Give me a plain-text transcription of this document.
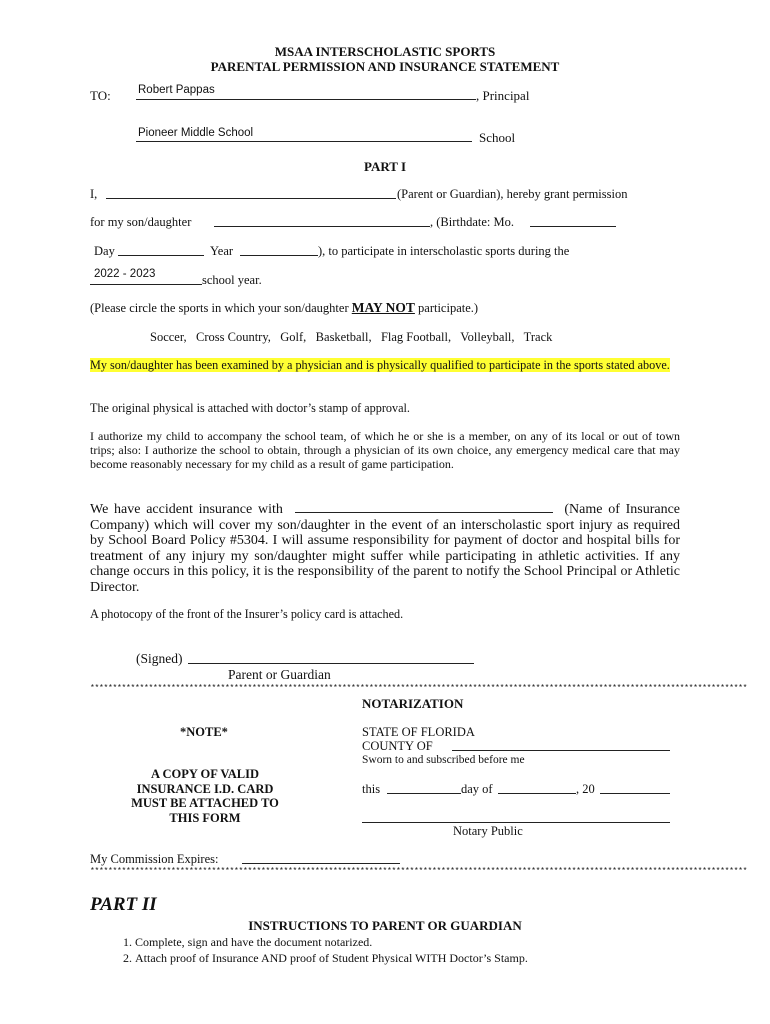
MSAA INTERSCHOLASTIC SPORTS
PARENTAL PERMISSION AND INSURANCE STATEMENT
TO: Robert Pappas	, Principal
Pioneer Middle School	School
PART I
I,	(Parent or Guardian), hereby grant permission
for my son/daughter	, (Birthdate: Mo.
Day	Year	), to participate in interscholastic sports during the
2022 - 2023	school year.
(Please circle the sports in which your son/daughter MAY NOT participate.)
Soccer,   Cross Country,   Golf,   Basketball,   Flag Football,   Volleyball,   Track
My son/daughter has been examined by a physician and is physically qualified to participate in the sports stated above.
The original physical is attached with doctor’s stamp of approval.
I authorize my child to accompany the school team, of which he or she is a member, on any of its local or out of town trips; also: I authorize the school to obtain, through a physician of its own choice, any emergency medical care that may become reasonably necessary for my child as a result of game participation.
We have accident insurance with	(Name of Insurance Company) which will cover my son/daughter in the event of an interscholastic sport injury as required by School Board Policy #5304. I will assume responsibility for payment of doctor and hospital bills for treatment of any injury my son/daughter might suffer while participating in athletic activities. If any change occurs in this policy, it is the responsibility of the parent to notify the School Principal or Athletic Director.
A photocopy of the front of the Insurer’s policy card is attached.
(Signed)
Parent or Guardian
**************************************************************************************************************************************************
NOTARIZATION
*NOTE*
A COPY OF VALID
INSURANCE I.D. CARD
MUST BE ATTACHED TO
THIS FORM
STATE OF FLORIDA
COUNTY OF
Sworn to and subscribed before me
this	day of	, 20
Notary Public
My Commission Expires:
**************************************************************************************************************************************************
PART II
INSTRUCTIONS TO PARENT OR GUARDIAN
1. Complete, sign and have the document notarized.
2. Attach proof of Insurance AND proof of Student Physical WITH Doctor’s Stamp.
